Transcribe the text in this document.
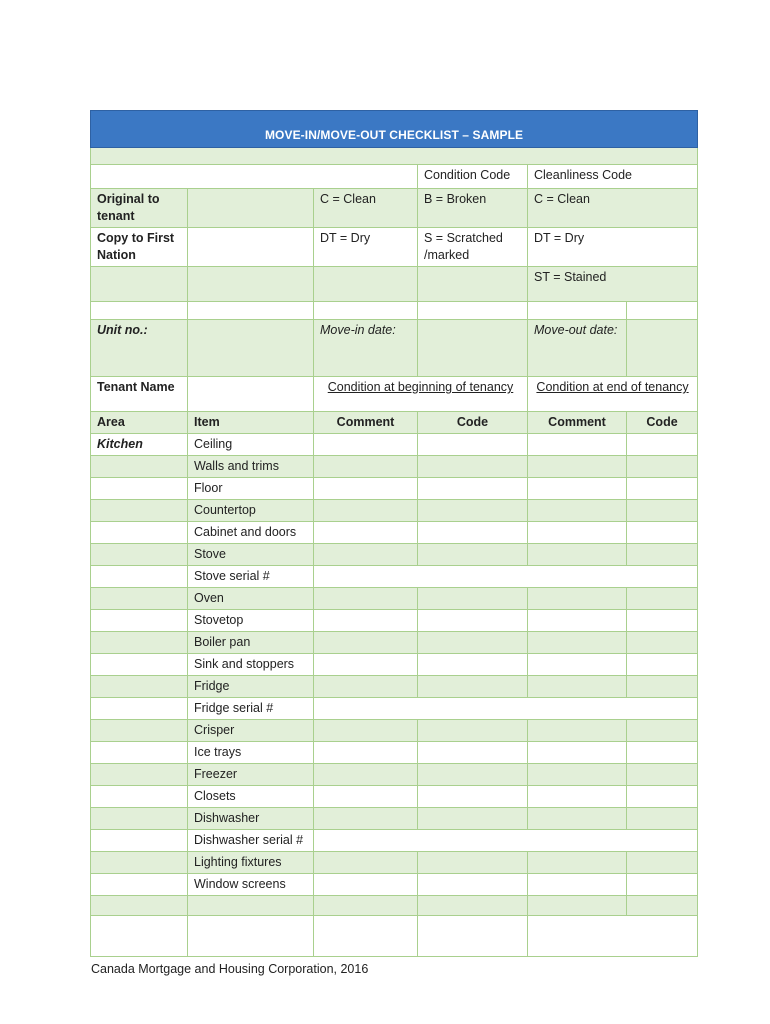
MOVE-IN/MOVE-OUT CHECKLIST – SAMPLE					

			Condition Code	Cleanliness Code	
Original to tenant		C = Clean	B = Broken	C = Clean	
Copy to First Nation		DT = Dry	S = Scratched /marked	DT = Dry	
				ST = Stained	

Unit no.:		Move-in date:		Move-out date:	
Tenant Name		Condition at beginning of tenancy		Condition at end of tenancy	
Area	Item	Comment	Code	Comment	Code
Kitchen	Ceiling				
	Walls and trims				
	Floor				
	Countertop				
	Cabinet and doors				
	Stove				
	Stove serial #				
	Oven				
	Stovetop				
	Boiler pan				
	Sink and stoppers				
	Fridge				
	Fridge serial #				
	Crisper				
	Ice trays				
	Freezer				
	Closets				
	Dishwasher				
	Dishwasher serial #				
	Lighting fixtures				
	Window screens				

Canada Mortgage and Housing Corporation, 2016
